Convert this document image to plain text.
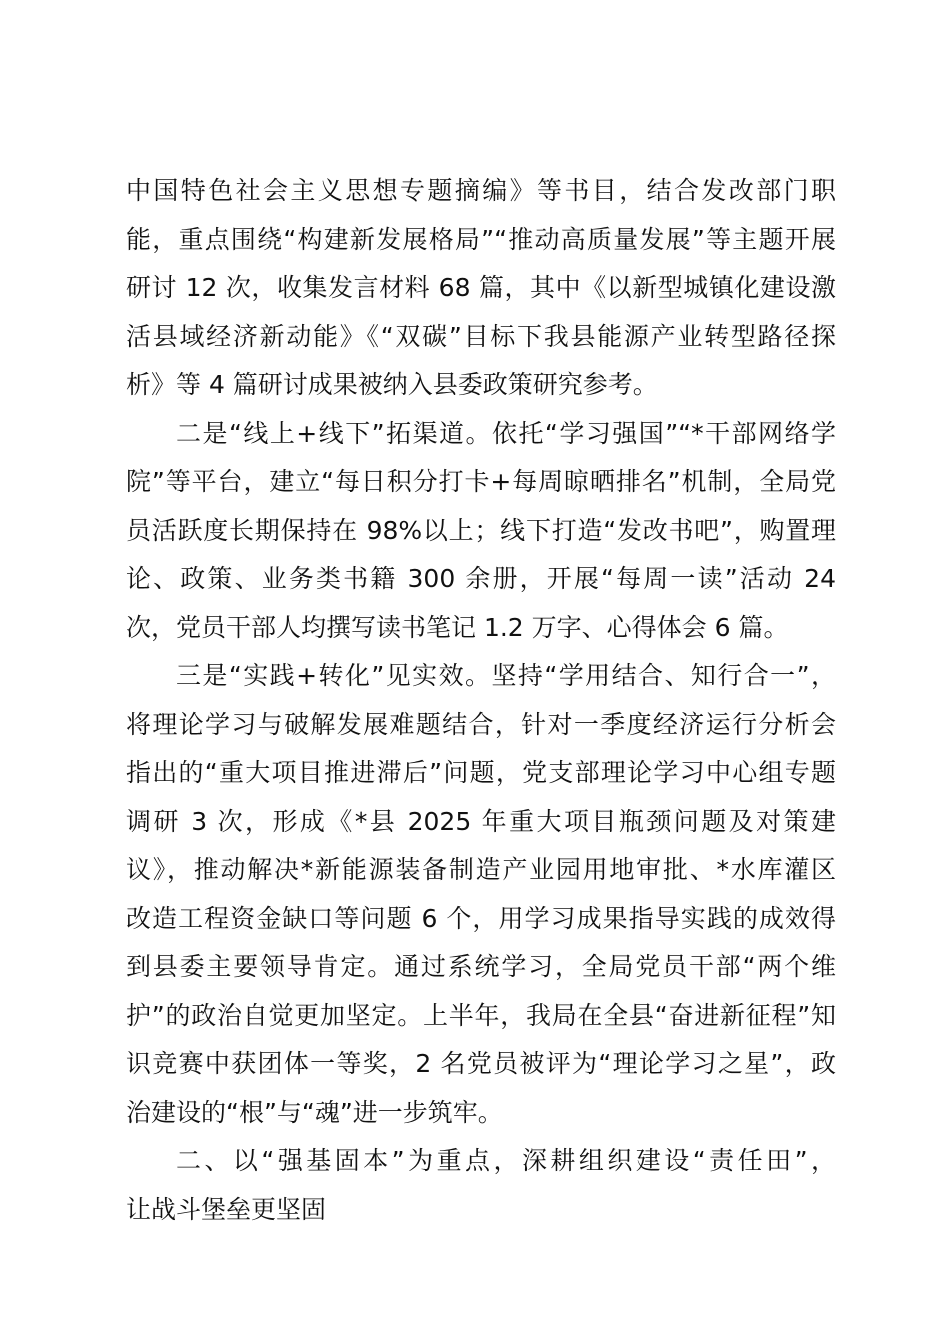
中国特色社会主义思想专题摘编》等书目，结合发改部门职
能，重点围绕“构建新发展格局”“推动高质量发展”等主题开展
研讨 12 次，收集发言材料 68 篇，其中《以新型城镇化建设激
活县域经济新动能》《“双碳”目标下我县能源产业转型路径探
析》等 4 篇研讨成果被纳入县委政策研究参考。
二是“线上+线下”拓渠道。依托“学习强国”“*干部网络学
院”等平台，建立“每日积分打卡+每周晾晒排名”机制，全局党
员活跃度长期保持在 98%以上；线下打造“发改书吧”，购置理
论、政策、业务类书籍 300 余册，开展“每周一读”活动 24
次，党员干部人均撰写读书笔记 1.2 万字、心得体会 6 篇。
三是“实践+转化”见实效。坚持“学用结合、知行合一”，
将理论学习与破解发展难题结合，针对一季度经济运行分析会
指出的“重大项目推进滞后”问题，党支部理论学习中心组专题
调研 3 次，形成《*县 2025 年重大项目瓶颈问题及对策建
议》，推动解决*新能源装备制造产业园用地审批、*水库灌区
改造工程资金缺口等问题 6 个，用学习成果指导实践的成效得
到县委主要领导肯定。通过系统学习，全局党员干部“两个维
护”的政治自觉更加坚定。上半年，我局在全县“奋进新征程”知
识竞赛中获团体一等奖，2 名党员被评为“理论学习之星”，政
治建设的“根”与“魂”进一步筑牢。
二、以“强基固本”为重点，深耕组织建设“责任田”，
让战斗堡垒更坚固
